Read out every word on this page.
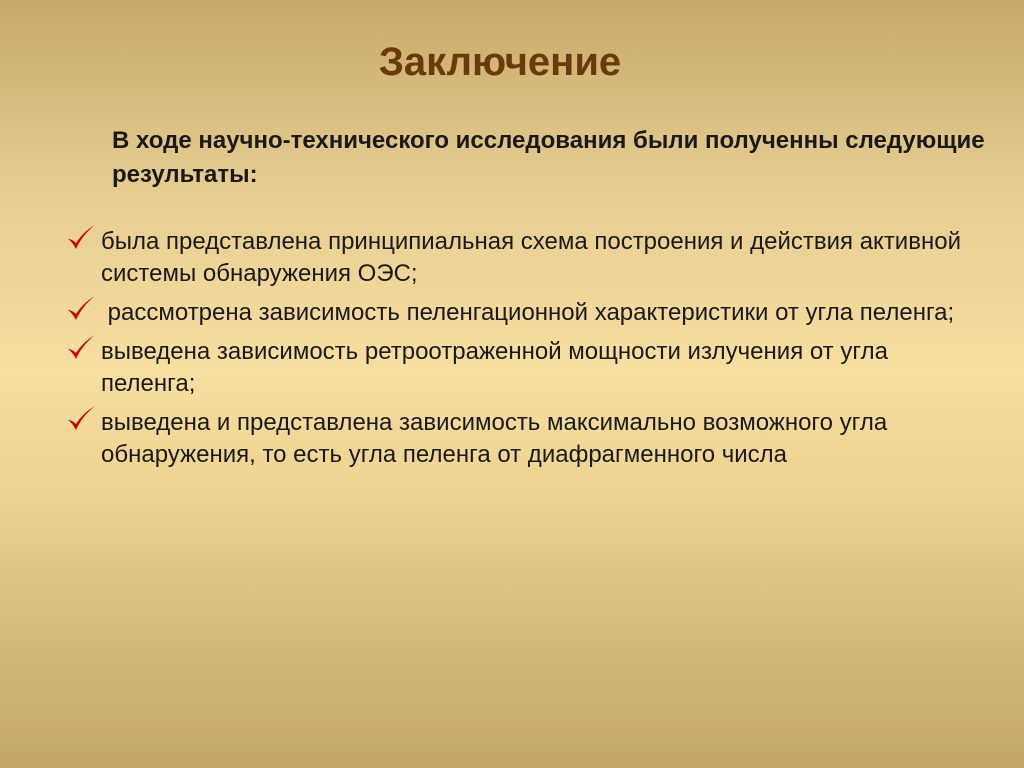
Заключение
В ходе научно-технического исследования были полученны следующие результаты:
была представлена принципиальная схема построения и действия активной системы обнаружения ОЭС;
рассмотрена зависимость пеленгационной характеристики от угла пеленга;
выведена зависимость ретроотраженной мощности излучения от угла пеленга;
выведена и представлена зависимость максимально возможного угла обнаружения, то есть угла пеленга от диафрагменного числа
